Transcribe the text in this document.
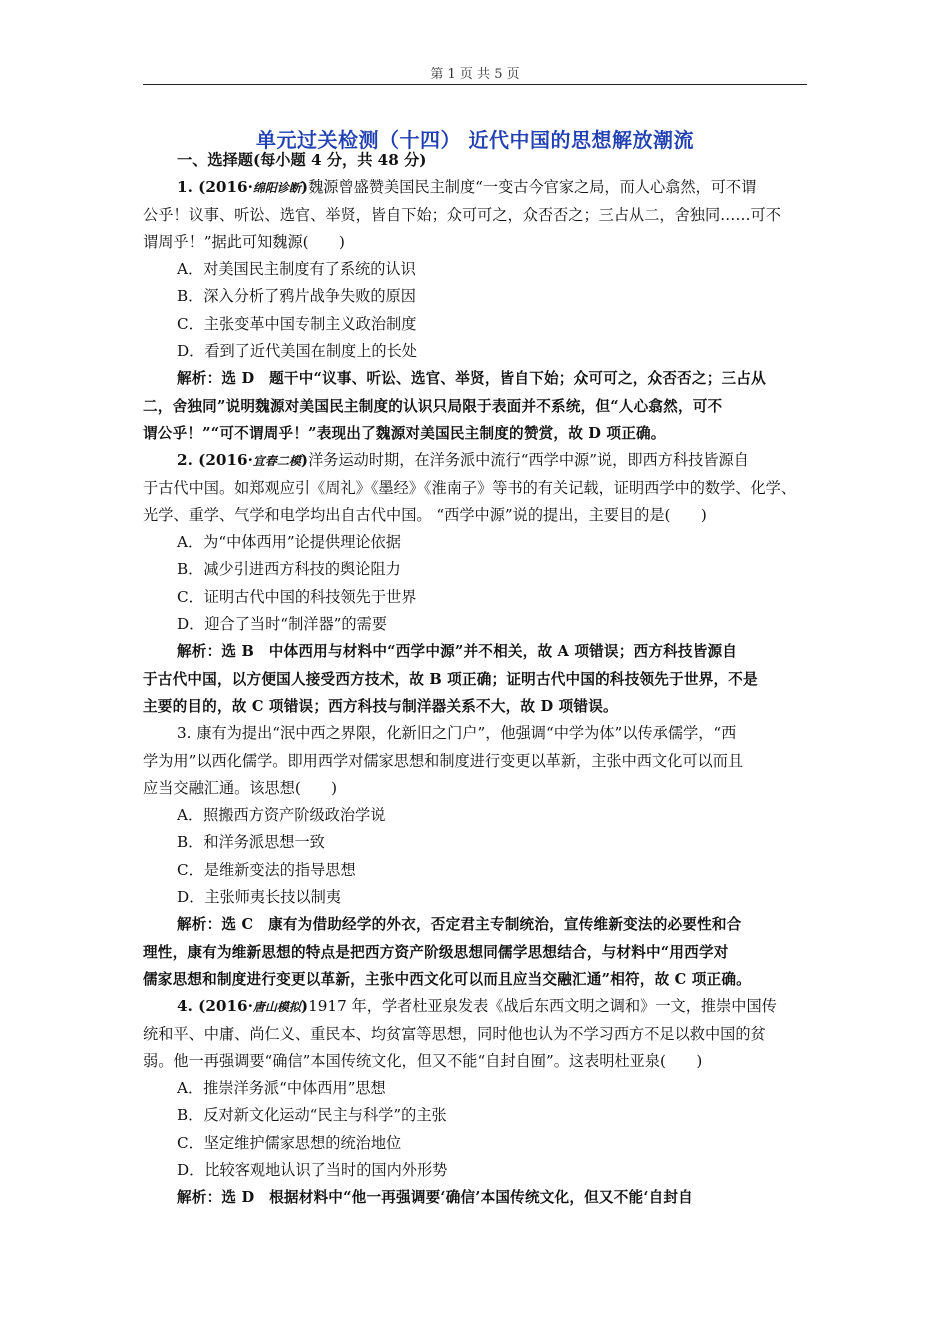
第 1 页 共 5 页
单元过关检测（十四） 近代中国的思想解放潮流
一、选择题(每小题 4 分，共 48 分)
1. (2016·绵阳诊断)魏源曾盛赞美国民主制度“一变古今官家之局，而人心翕然，可不谓
公乎！议事、听讼、选官、举贤，皆自下始；众可可之，众否否之；三占从二，舍独同……可不
谓周乎！”据此可知魏源(　　)
A．对美国民主制度有了系统的认识
B．深入分析了鸦片战争失败的原因
C．主张变革中国专制主义政治制度
D．看到了近代美国在制度上的长处
解析：选 D　题干中“议事、听讼、选官、举贤，皆自下始；众可可之，众否否之；三占从
二，舍独同”说明魏源对美国民主制度的认识只局限于表面并不系统，但“人心翕然，可不
谓公乎！”“可不谓周乎！”表现出了魏源对美国民主制度的赞赏，故 D 项正确。
2. (2016·宜春二模)洋务运动时期，在洋务派中流行“西学中源”说，即西方科技皆源自
于古代中国。如郑观应引《周礼》《墨经》《淮南子》等书的有关记载，证明西学中的数学、化学、
光学、重学、气学和电学均出自古代中国。 “西学中源”说的提出，主要目的是(　　)
A．为“中体西用”论提供理论依据
B．减少引进西方科技的舆论阻力
C．证明古代中国的科技领先于世界
D．迎合了当时“制洋器”的需要
解析：选 B　中体西用与材料中“西学中源”并不相关，故 A 项错误；西方科技皆源自
于古代中国，以方便国人接受西方技术，故 B 项正确；证明古代中国的科技领先于世界，不是
主要的目的，故 C 项错误；西方科技与制洋器关系不大，故 D 项错误。
3. 康有为提出“泯中西之界限，化新旧之门户”，他强调“中学为体”以传承儒学，“西
学为用”以西化儒学。即用西学对儒家思想和制度进行变更以革新，主张中西文化可以而且
应当交融汇通。该思想(　　)
A．照搬西方资产阶级政治学说
B．和洋务派思想一致
C．是维新变法的指导思想
D．主张师夷长技以制夷
解析：选 C　康有为借助经学的外衣，否定君主专制统治，宣传维新变法的必要性和合
理性，康有为维新思想的特点是把西方资产阶级思想同儒学思想结合，与材料中“用西学对
儒家思想和制度进行变更以革新，主张中西文化可以而且应当交融汇通”相符，故 C 项正确。
4. (2016·唐山模拟)1917 年，学者杜亚泉发表《战后东西文明之调和》一文，推崇中国传
统和平、中庸、尚仁义、重民本、均贫富等思想，同时他也认为不学习西方不足以救中国的贫
弱。他一再强调要“确信”本国传统文化，但又不能“自封自囿”。这表明杜亚泉(　　)
A．推崇洋务派“中体西用”思想
B．反对新文化运动“民主与科学”的主张
C．坚定维护儒家思想的统治地位
D．比较客观地认识了当时的国内外形势
解析：选 D　根据材料中“他一再强调要‘确信’本国传统文化，但又不能‘自封自
